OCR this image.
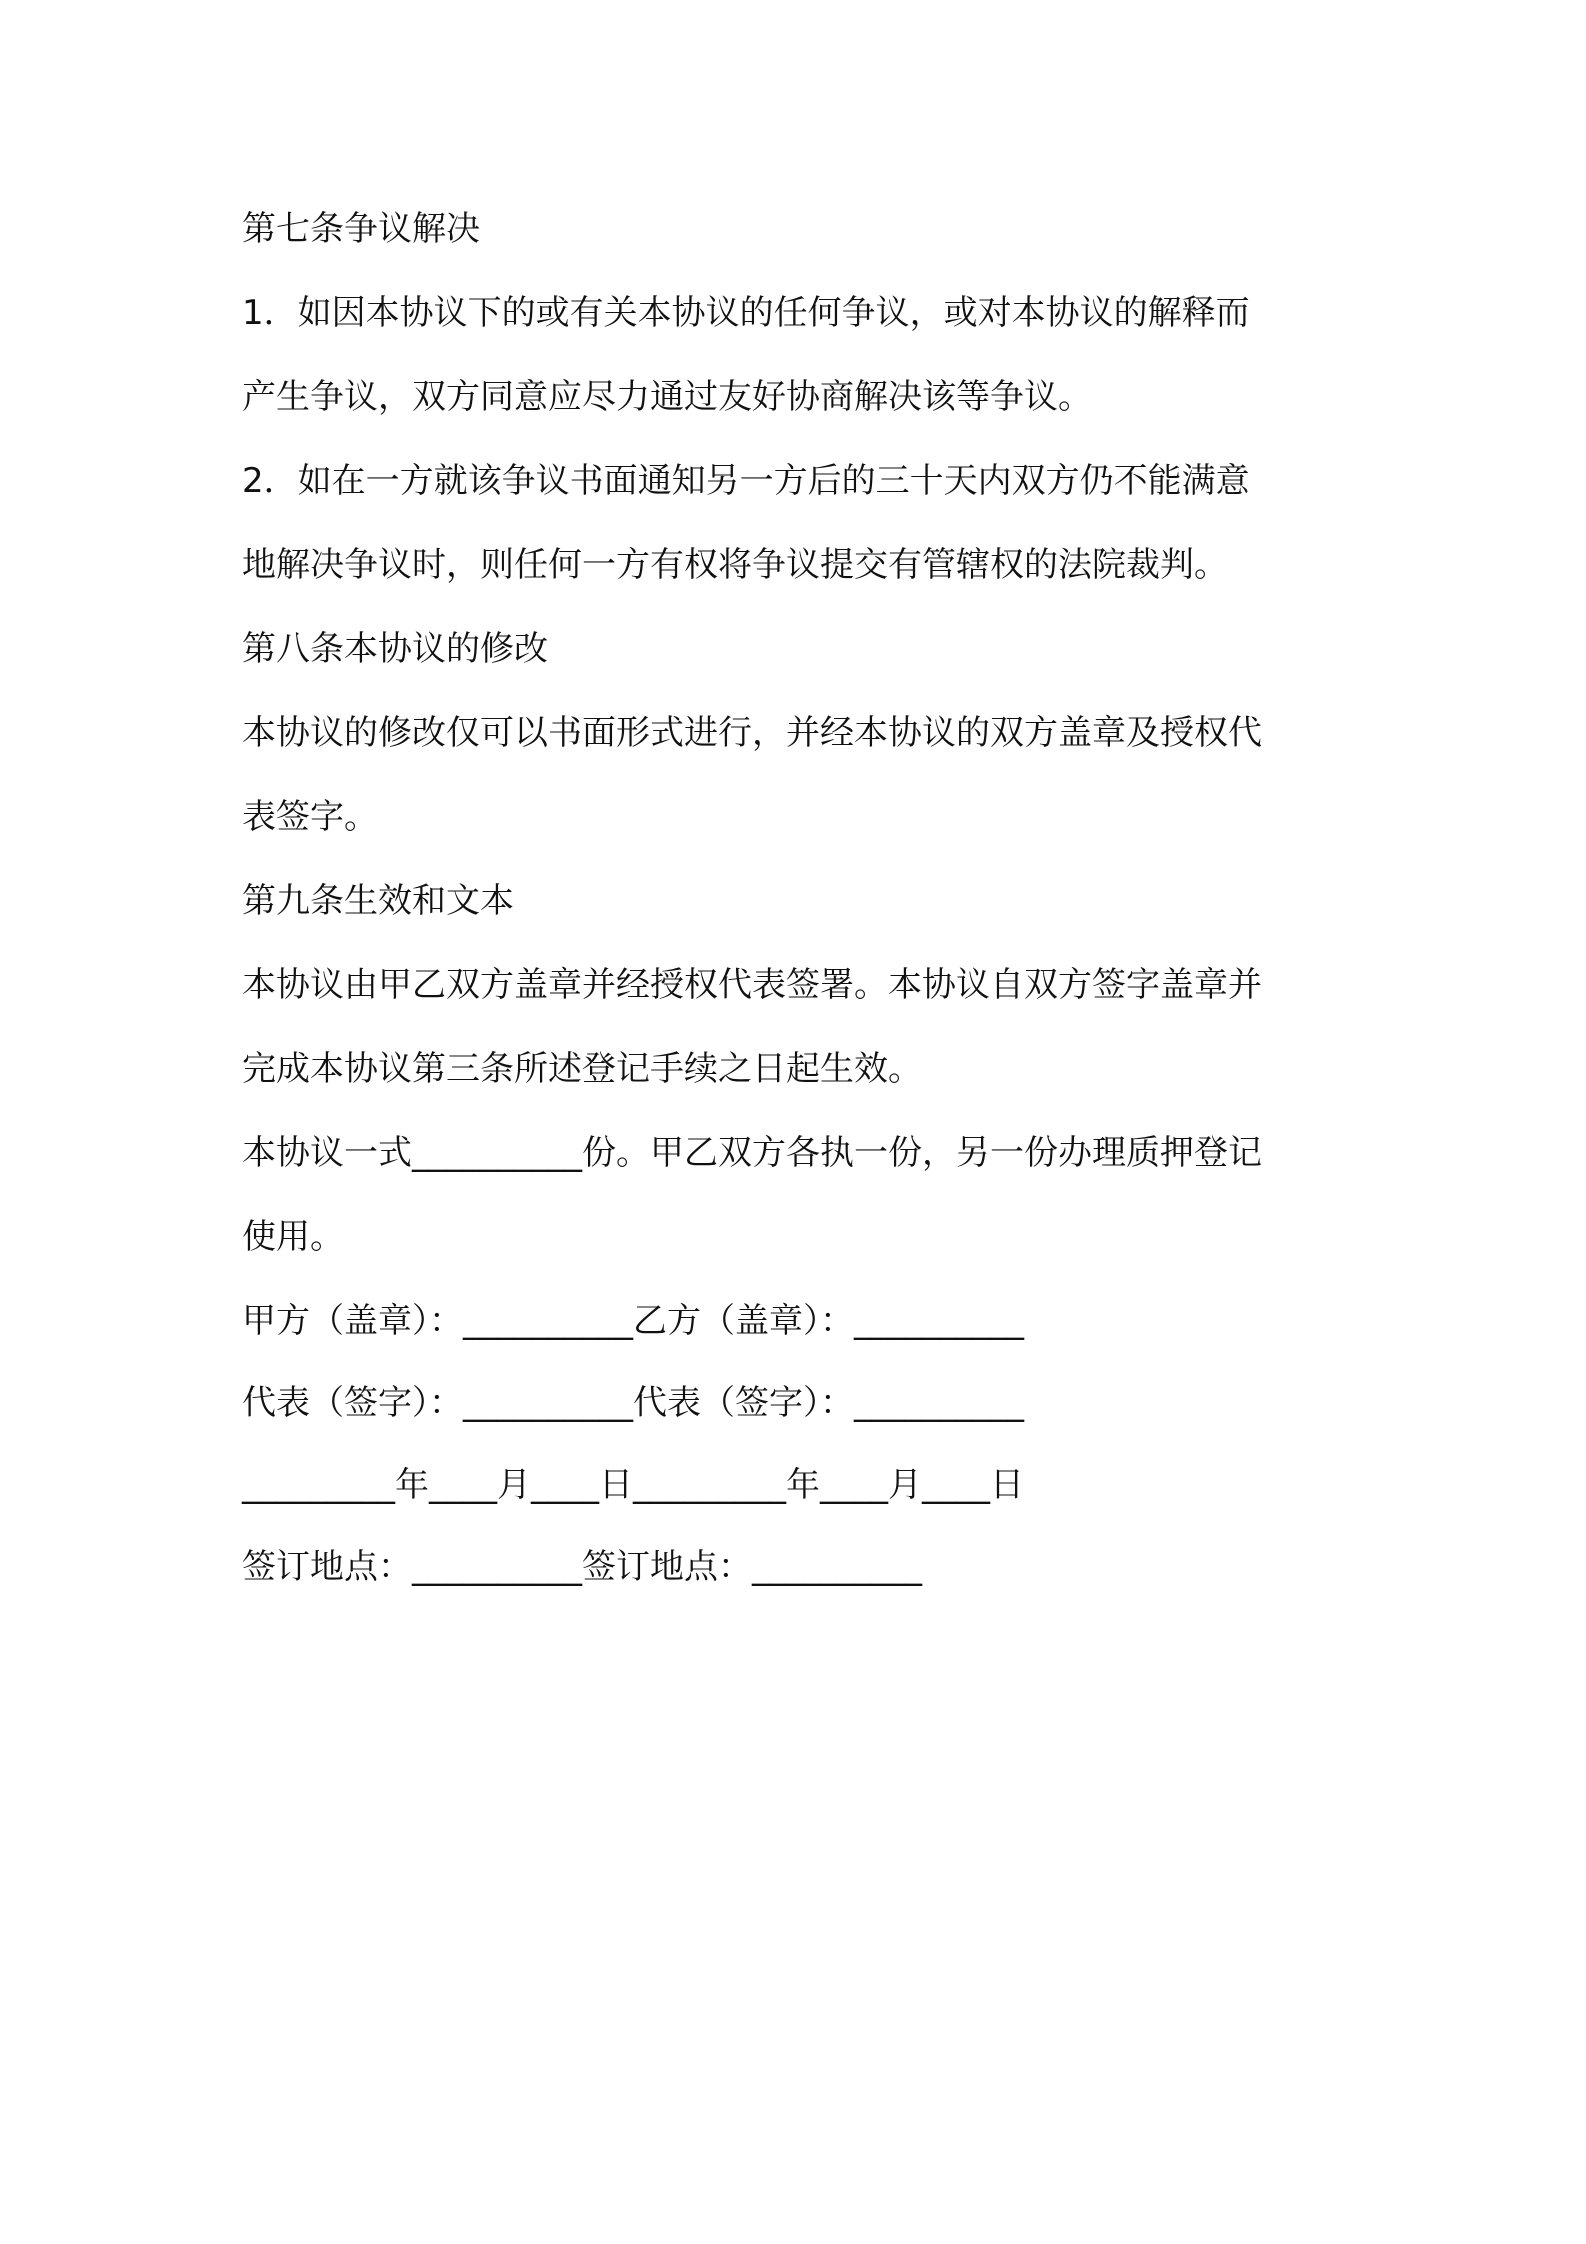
第七条争议解决
1．如因本协议下的或有关本协议的任何争议，或对本协议的解释而
产生争议，双方同意应尽力通过友好协商解决该等争议。
2．如在一方就该争议书面通知另一方后的三十天内双方仍不能满意
地解决争议时，则任何一方有权将争议提交有管辖权的法院裁判。
第八条本协议的修改
本协议的修改仅可以书面形式进行，并经本协议的双方盖章及授权代
表签字。
第九条生效和文本
本协议由甲乙双方盖章并经授权代表签署。本协议自双方签字盖章并
完成本协议第三条所述登记手续之日起生效。
本协议一式__________份。甲乙双方各执一份，另一份办理质押登记
使用。
甲方（盖章）：__________乙方（盖章）：__________
代表（签字）：__________代表（签字）：__________
_________年____月____日_________年____月____日
签订地点：__________签订地点：__________
